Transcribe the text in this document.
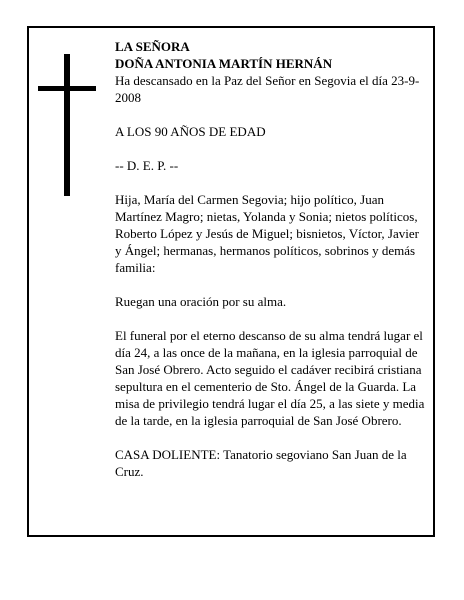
LA SEÑORA
DOÑA ANTONIA MARTÍN HERNÁN
Ha descansado en la Paz del Señor en Segovia el día 23-9-2008

A LOS 90 AÑOS DE EDAD

-- D. E. P. --

Hija, María del Carmen Segovia; hijo político, Juan Martínez Magro; nietas, Yolanda y Sonia; nietos políticos, Roberto López y Jesús de Miguel; bisnietos, Víctor, Javier y Ángel; hermanas, hermanos políticos, sobrinos y demás familia:

Ruegan una oración por su alma.

El funeral por el eterno descanso de su alma tendrá lugar el día 24, a las once de la mañana, en la iglesia parroquial de San José Obrero. Acto seguido el cadáver recibirá cristiana sepultura en el cementerio de Sto. Ángel de la Guarda. La misa de privilegio tendrá lugar el día 25, a las siete y media de la tarde, en la iglesia parroquial de San José Obrero.

CASA DOLIENTE: Tanatorio segoviano San Juan de la Cruz.
